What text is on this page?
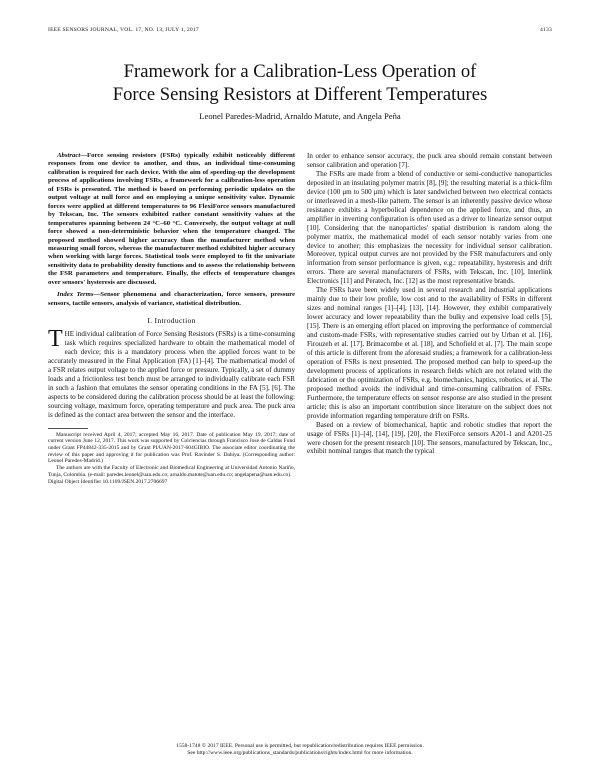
IEEE SENSORS JOURNAL, VOL. 17, NO. 13, JULY 1, 2017	4133
Framework for a Calibration-Less Operation of
Force Sensing Resistors at Different Temperatures
Leonel Paredes-Madrid, Arnaldo Matute, and Angela Peña

Abstract—Force sensing resistors (FSRs) typically exhibit noticeably different responses from one device to another, and thus, an individual time-consuming calibration is required for each device. With the aim of speeding-up the development process of applications involving FSRs, a framework for a calibration-less operation of FSRs is presented. The method is based on performing periodic updates on the output voltage at null force and on employing a unique sensitivity value. Dynamic forces were applied at different temperatures to 96 FlexiForce sensors manufactured by Tekscan, Inc. The sensors exhibited rather constant sensitivity values at the temperatures spanning between 24 °C–60 °C. Conversely, the output voltage at null force showed a non-deterministic behavior when the temperature changed. The proposed method showed higher accuracy than the manufacturer method when measuring small forces, whereas the manufacturer method exhibited higher accuracy when working with large forces. Statistical tools were employed to fit the univariate sensitivity data to probability density functions and to assess the relationship between the FSR parameters and temperature. Finally, the effects of temperature changes over sensors' hysteresis are discussed.

Index Terms—Sensor phenomena and characterization, force sensors, pressure sensors, tactile sensors, analysis of variance, statistical distribution.

I. Introduction

THE individual calibration of Force Sensing Resistors (FSRs) is a time-consuming task which requires specialized hardware to obtain the mathematical model of each device; this is a mandatory process when the applied forces want to be accurately measured in the Final Application (FA) [1]–[4]. The mathematical model of a FSR relates output voltage to the applied force or pressure. Typically, a set of dummy loads and a frictionless test bench must be arranged to individually calibrate each FSR in such a fashion that emulates the sensor operating conditions in the FA [5], [6]. The aspects to be considered during the calibration process should be at least the following: sourcing voltage, maximum force, operating temperature and puck area. The puck area is defined as the contact area between the sensor and the interface.

Manuscript received April 4, 2017; accepted May 16, 2017. Date of publication May 19, 2017; date of current version June 12, 2017. This work was supported by Colciencias through Francisco Jose de Caldas Fund under Grant FP44842-335-2015 and by Grant PI/UAN-2017-604GIBIO. The associate editor coordinating the review of this paper and approving it for publication was Prof. Ravinder S. Dahiya. (Corresponding author: Leonel Paredes-Madrid.)

The authors are with the Faculty of Electronic and Biomedical Engineering at Universidad Antonio Nariño, Tunja, Colombia. (e-mail: paredes.leonel@uan.edu.co; arnaldo.matute@uan.edu.co; angelapena@uan.edu.co).

Digital Object Identifier 10.1109/JSEN.2017.2706697

In order to enhance sensor accuracy, the puck area should remain constant between sensor calibration and operation [7].

The FSRs are made from a blend of conductive or semi-conductive nanoparticles deposited in an insulating polymer matrix [8], [9]; the resulting material is a thick-film device (100 μm to 500 μm) which is later sandwiched between two electrical contacts or interleaved in a mesh-like pattern. The sensor is an inherently passive device whose resistance exhibits a hyperbolical dependence on the applied force, and thus, an amplifier in inverting configuration is often used as a driver to linearize sensor output [10]. Considering that the nanoparticles' spatial distribution is random along the polymer matrix, the mathematical model of each sensor notably varies from one device to another; this emphasizes the necessity for individual sensor calibration. Moreover, typical output curves are not provided by the FSR manufacturers and only information from sensor performance is given, e.g.: repeatability, hysteresis and drift errors. There are several manufacturers of FSRs, with Tekscan, Inc. [10], Interlink Electronics [11] and Peratech, Inc. [12] as the most representative brands.

The FSRs have been widely used in several research and industrial applications mainly due to their low profile, low cost and to the availability of FSRs in different sizes and nominal ranges [1]–[4], [13], [14]. However, they exhibit comparatively lower accuracy and lower repeatability than the bulky and expensive load cells [5], [15]. There is an emerging effort placed on improving the performance of commercial and custom-made FSRs, with representative studies carried out by Urban et al. [16], Firouzeh et al. [17], Brimacombe et al. [18], and Schofield et al. [7]. The main scope of this article is different from the aforesaid studies; a framework for a calibration-less operation of FSRs is next presented. The proposed method can help to speed-up the development process of applications in research fields which are not related with the fabrication or the optimization of FSRs, e.g. biomechanics, haptics, robotics, et al. The proposed method avoids the individual and time-consuming calibration of FSRs. Furthermore, the temperature effects on sensor response are also studied in the present article; this is also an important contribution since literature on the subject does not provide information regarding temperature drift on FSRs.

Based on a review of biomechanical, haptic and robotic studies that report the usage of FSRs [1]–[4], [14], [19], [20], the FlexiForce sensors A201-1 and A201-25 were chosen for the present research [10]. The sensors, manufactured by Tekscan, Inc., exhibit nominal ranges that match the typical

1558-1748 © 2017 IEEE. Personal use is permitted, but republication/redistribution requires IEEE permission.
See http://www.ieee.org/publications_standards/publications/rights/index.html for more information.
